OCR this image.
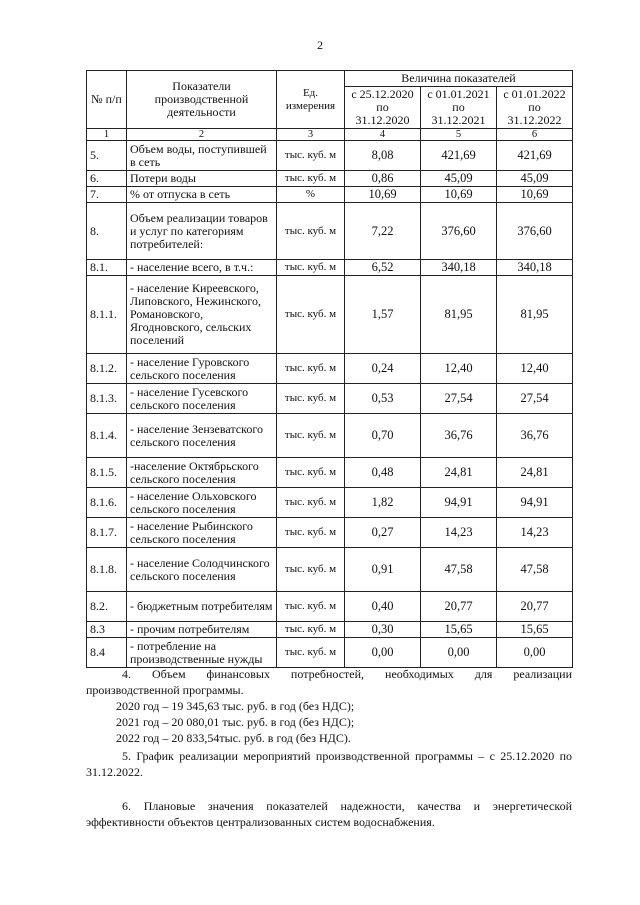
2
№ п/п	Показатели производственной деятельности	Ед. измерения	Величина показателей		
			с 25.12.2020 по 31.12.2020	с 01.01.2021 по 31.12.2021	с 01.01.2022 по 31.12.2022
1	2	3	4	5	6
5.	Объем воды, поступившей в сеть	тыс. куб. м	8,08	421,69	421,69
6.	Потери воды	тыс. куб. м	0,86	45,09	45,09
7.	% от отпуска в сеть	%	10,69	10,69	10,69
8.	Объем реализации товаров и услуг по категориям потребителей:	тыс. куб. м	7,22	376,60	376,60
8.1.	- население всего, в т.ч.:	тыс. куб. м	6,52	340,18	340,18
8.1.1.	- население Киреевского, Липовского, Нежинского, Романовского, Ягодновского, сельских поселений	тыс. куб. м	1,57	81,95	81,95
8.1.2.	- население Гуровского сельского поселения	тыс. куб. м	0,24	12,40	12,40
8.1.3.	- население Гусевского сельского поселения	тыс. куб. м	0,53	27,54	27,54
8.1.4.	- население Зензеватского сельского поселения	тыс. куб. м	0,70	36,76	36,76
8.1.5.	-население Октябрьского сельского поселения	тыс. куб. м	0,48	24,81	24,81
8.1.6.	- население Ольховского сельского поселения	тыс. куб. м	1,82	94,91	94,91
8.1.7.	- население Рыбинского сельского поселения	тыс. куб. м	0,27	14,23	14,23
8.1.8.	- население Солодчинского сельского поселения	тыс. куб. м	0,91	47,58	47,58
8.2.	- бюджетным потребителям	тыс. куб. м	0,40	20,77	20,77
8.3	- прочим потребителям	тыс. куб. м	0,30	15,65	15,65
8.4	- потребление на производственные нужды	тыс. куб. м	0,00	0,00	0,00
4. Объем финансовых потребностей, необходимых для реализации
производственной программы.
2020 год – 19 345,63 тыс. руб. в год (без НДС);
2021 год – 20 080,01 тыс. руб. в год (без НДС);
2022 год – 20 833,54тыс. руб. в год (без НДС).
5. График реализации мероприятий производственной программы – с 25.12.2020 по 31.12.2022.
6. Плановые значения показателей надежности, качества и энергетической эффективности объектов централизованных систем водоснабжения.
